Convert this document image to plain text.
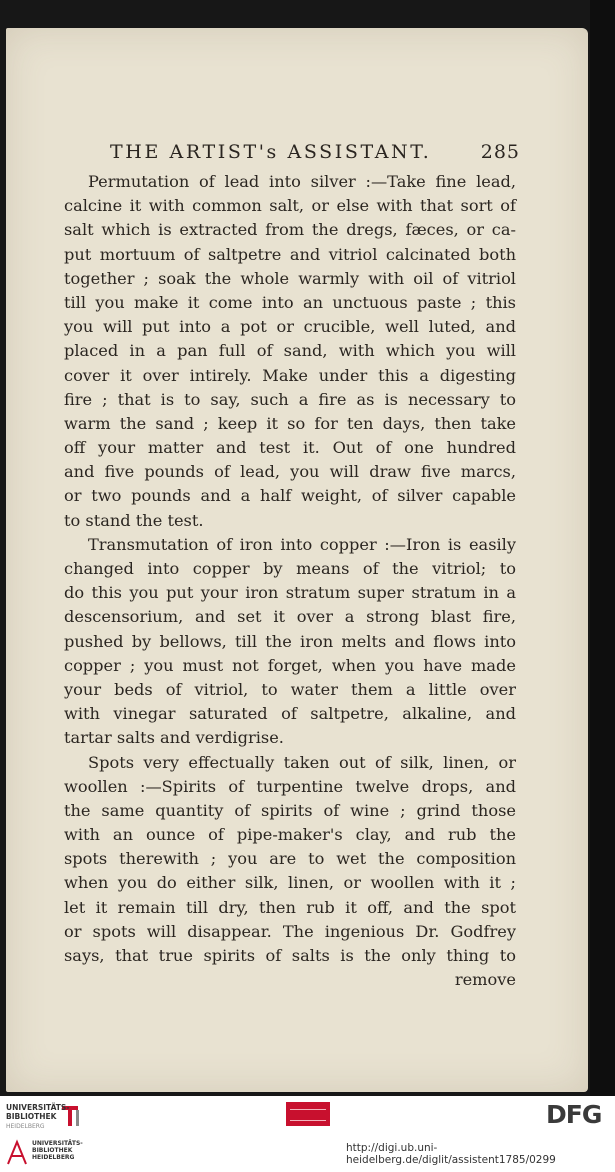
THE ARTIST's ASSISTANT.	285
Permutation of lead into silver :—Take fine lead,
calcine it with common salt, or else with that sort of
salt which is extracted from the dregs, fæces, or ca-
put mortuum of saltpetre and vitriol calcinated both
together ; soak the whole warmly with oil of vitriol
till you make it come into an unctuous paste ; this
you will put into a pot or crucible, well luted, and
placed in a pan full of sand, with which you will
cover it over intirely. Make under this a digesting
fire ; that is to say, such a fire as is necessary to
warm the sand ; keep it so for ten days, then take
off your matter and test it. Out of one hundred
and five pounds of lead, you will draw five marcs,
or two pounds and a half weight, of silver capable
to stand the test.
Transmutation of iron into copper :—Iron is easily
changed into copper by means of the vitriol; to
do this you put your iron stratum super stratum in a
descensorium, and set it over a strong blast fire,
pushed by bellows, till the iron melts and flows into
copper ; you must not forget, when you have made
your beds of vitriol, to water them a little over
with vinegar saturated of saltpetre, alkaline, and
tartar salts and verdigrise.
Spots very effectually taken out of silk, linen, or
woollen :—Spirits of turpentine twelve drops, and
the same quantity of spirits of wine ; grind those
with an ounce of pipe-maker's clay, and rub the
spots therewith ; you are to wet the composition
when you do either silk, linen, or woollen with it ;
let it remain till dry, then rub it off, and the spot
or spots will disappear. The ingenious Dr. Godfrey
says, that true spirits of salts is the only thing to
remove
UNIVERSITÄTS-
BIBLIOTHEK
HEIDELBERG
UNIVERSITÄTS-
BIBLIOTHEK
HEIDELBERG
DFG
http://digi.ub.uni-heidelberg.de/diglit/assistent1785/0299
